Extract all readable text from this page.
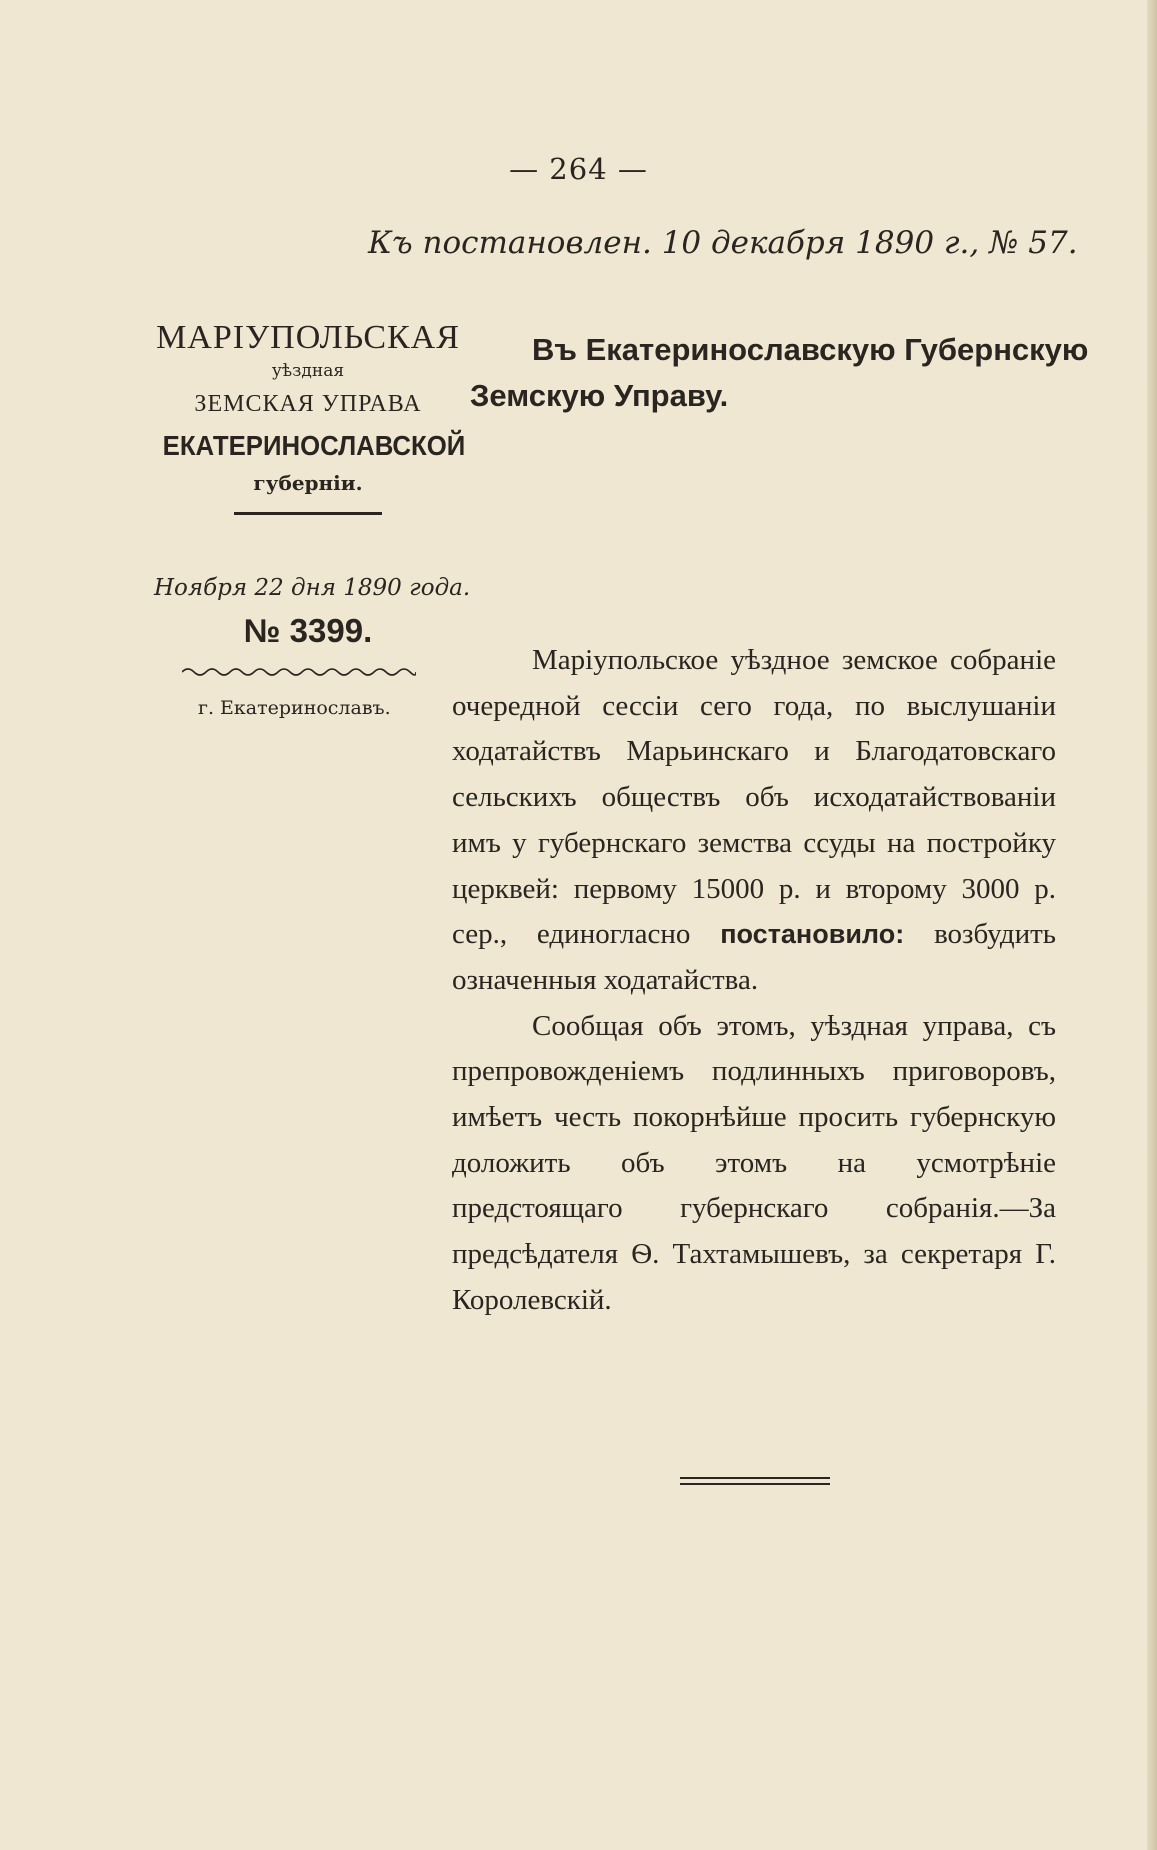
— 264 —
Къ постановлен. 10 декабря 1890 г., № 57.
МАРІУПОЛЬСКАЯ
уѣздная
ЗЕМСКАЯ УПРАВА
ЕКАТЕРИНОСЛАВСКОЙ
губерніи.
Ноября 22 дня 1890 года.
№ 3399.
г. Екатеринославъ.
Въ Екатеринославскую Губернскую
Земскую Управу.

Маріупольское уѣздное земское собраніе очередной сессіи сего года, по выслушаніи ходатайствъ Марьинскаго и Благодатовскаго сельскихъ обществъ объ исходатайствованіи имъ у губернскаго земства ссуды на постройку церквей: первому 15000 р. и второму 3000 р. сер., единогласно постановило: возбудить означенныя ходатайства.

Сообщая объ этомъ, уѣздная управа, съ препровожденіемъ подлинныхъ приговоровъ, имѣетъ честь покорнѣйше просить губернскую доложить объ этомъ на усмотрѣніе предстоящаго губернскаго собранія.—За предсѣдателя Ѳ. Тахтамышевъ, за секретаря Г. Королевскій.
